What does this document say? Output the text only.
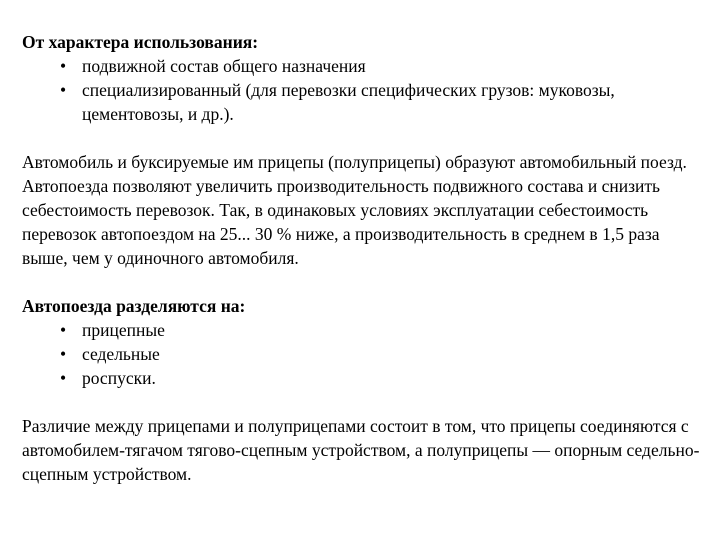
От характера использования:

• подвижной состав общего назначения
• специализированный (для перевозки специфических грузов: муковозы, цементовозы, и др.).

Автомобиль и буксируемые им прицепы (полуприцепы) образуют автомобильный поезд. Автопоезда позволяют увеличить производительность подвижного состава и снизить себестоимость перевозок. Так, в одинаковых условиях эксплуатации себестоимость перевозок автопоездом на 25... 30 % ниже, а производительность в среднем в 1,5 раза выше, чем у одиночного автомобиля.

Автопоезда разделяются на:

• прицепные
• седельные
• роспуски.

Различие между прицепами и полуприцепами состоит в том, что прицепы соединяются с автомобилем-тягачом тягово-сцепным устройством, а полуприцепы — опорным седельно-сцепным устройством.
